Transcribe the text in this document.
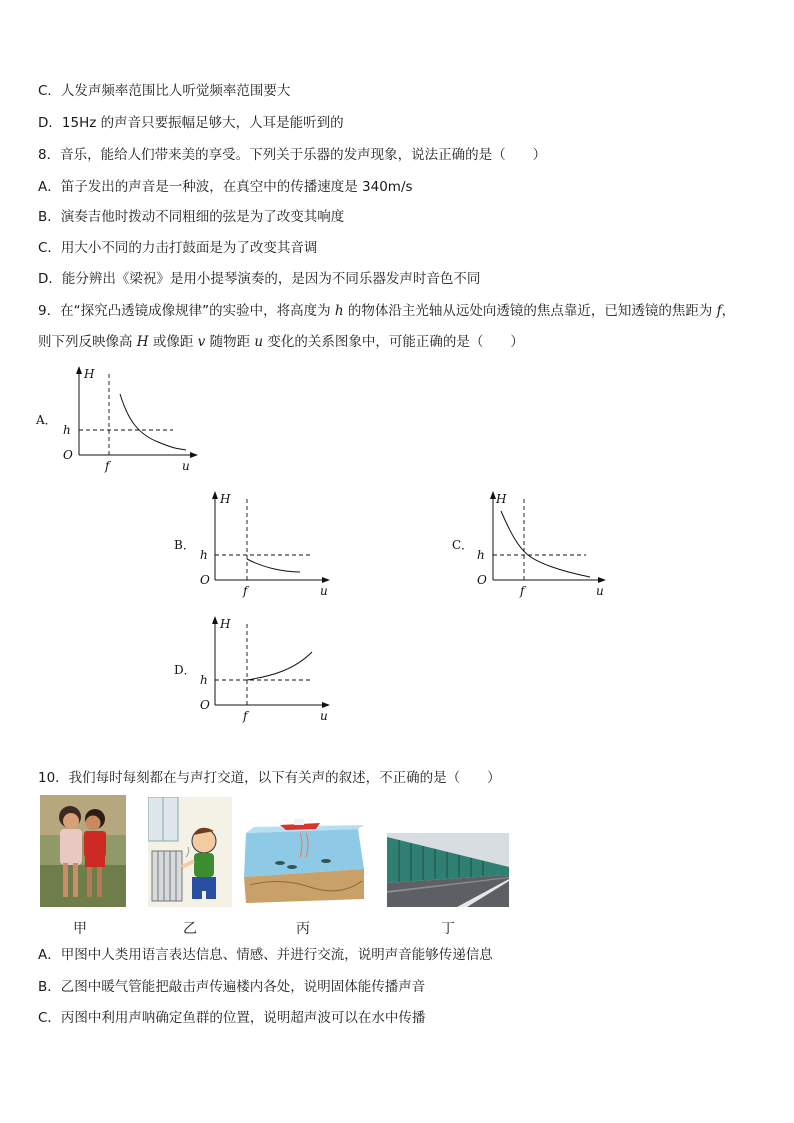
C．人发声频率范围比人听觉频率范围要大
D．15Hz 的声音只要振幅足够大，人耳是能听到的
8．音乐，能给人们带来美的享受。下列关于乐器的发声现象，说法正确的是（　　）
A．笛子发出的声音是一种波，在真空中的传播速度是 340m/s
B．演奏吉他时拨动不同粗细的弦是为了改变其响度
C．用大小不同的力击打鼓面是为了改变其音调
D．能分辨出《梁祝》是用小提琴演奏的，是因为不同乐器发声时音色不同
9．在“探究凸透镜成像规律”的实验中，将高度为 h 的物体沿主光轴从远处向透镜的焦点靠近，已知透镜的焦距为 f，
则下列反映像高 H 或像距 v 随物距 u 变化的关系图象中，可能正确的是（　　）
A．
H
h
O
f	u
B．
H
h
O
f	u
C．
H
h
O
f	u
D．
H
h
O
f	u
10．我们每时每刻都在与声打交道，以下有关声的叙述，不正确的是（　　）
甲	乙	丙	丁
A．甲图中人类用语言表达信息、情感、并进行交流，说明声音能够传递信息
B．乙图中暖气管能把敲击声传遍楼内各处，说明固体能传播声音
C．丙图中利用声呐确定鱼群的位置，说明超声波可以在水中传播
